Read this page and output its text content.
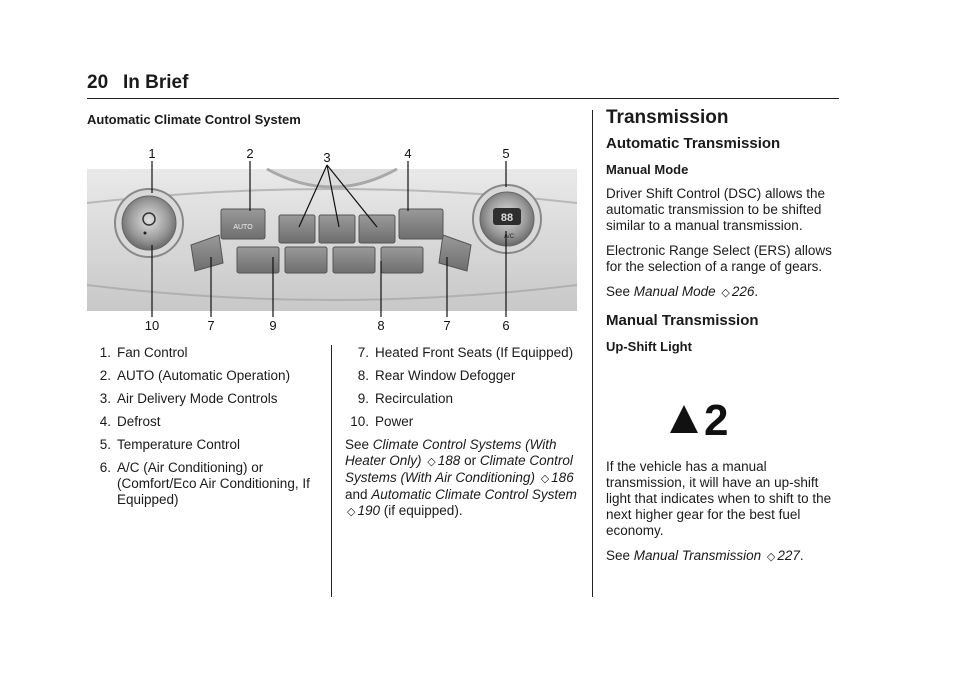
20 In Brief
Automatic Climate Control System
88
A/C
AUTO
1	2	3	4	5
10	7	9	8	7	6
1. Fan Control
2. AUTO (Automatic Operation)
3. Air Delivery Mode Controls
4. Defrost
5. Temperature Control
6. A/C (Air Conditioning) or (Comfort/Eco Air Conditioning, If Equipped)
7. Heated Front Seats (If Equipped)
8. Rear Window Defogger
9. Recirculation
10. Power
See Climate Control Systems (With Heater Only) ◇ 188 or Climate Control Systems (With Air Conditioning) ◇ 186 and Automatic Climate Control System ◇ 190 (if equipped).
Transmission
Automatic Transmission
Manual Mode
Driver Shift Control (DSC) allows the automatic transmission to be shifted similar to a manual transmission.
Electronic Range Select (ERS) allows for the selection of a range of gears.
See Manual Mode ◇ 226.
Manual Transmission
Up-Shift Light
2
If the vehicle has a manual transmission, it will have an up-shift light that indicates when to shift to the next higher gear for the best fuel economy.
See Manual Transmission ◇ 227.
